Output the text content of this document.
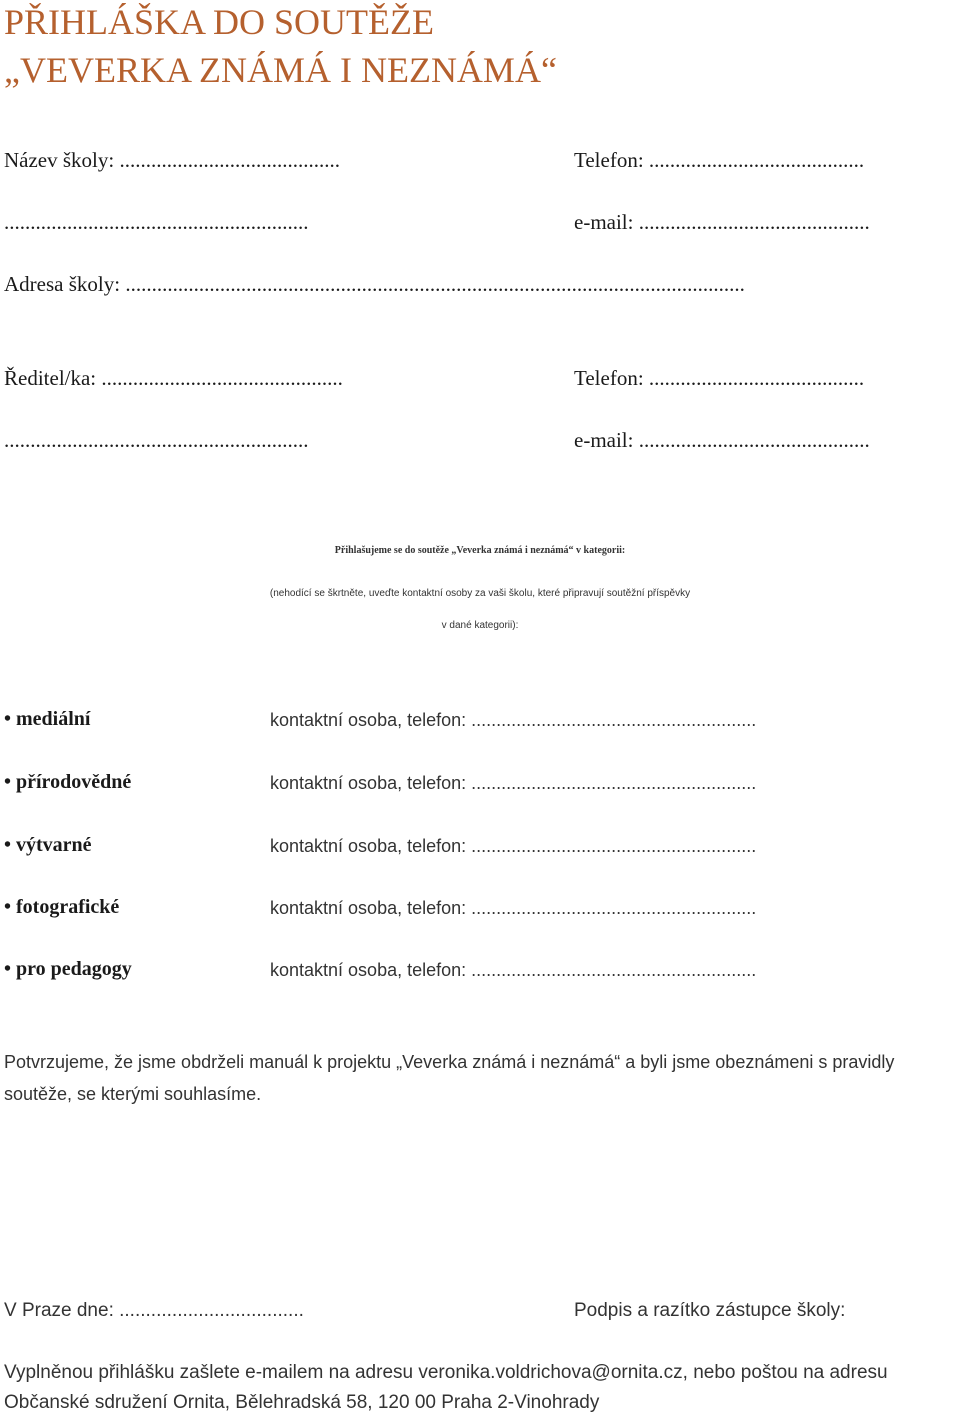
PŘIHLÁŠKA DO SOUTĚŽE
„VEVERKA ZNÁMÁ I NEZNÁMÁ“
Název školy: ..........................................	Telefon: .........................................
..........................................................	e-mail: ............................................
Adresa školy: ......................................................................................................................
Ředitel/ka: ..............................................	Telefon: .........................................
..........................................................	e-mail: ............................................
Přihlašujeme se do soutěže „Veverka známá i neznámá“ v kategorii:
(nehodící se škrtněte, uveďte kontaktní osoby za vaši školu, které připravují soutěžní příspěvky
v dané kategorii):
• mediální	kontaktní osoba, telefon: .........................................................
• přírodovědné	kontaktní osoba, telefon: .........................................................
• výtvarné	kontaktní osoba, telefon: .........................................................
• fotografické	kontaktní osoba, telefon: .........................................................
• pro pedagogy	kontaktní osoba, telefon: .........................................................
Potvrzujeme, že jsme obdrželi manuál k projektu „Veverka známá i neznámá“ a byli jsme obeznámeni s pravidly soutěže, se kterými souhlasíme.
V Praze dne: ...................................	Podpis a razítko zástupce školy:
Vyplněnou přihlášku zašlete e-mailem na adresu veronika.voldrichova@ornita.cz, nebo poštou na adresu
Občanské sdružení Ornita, Bělehradská 58, 120 00 Praha 2-Vinohrady
